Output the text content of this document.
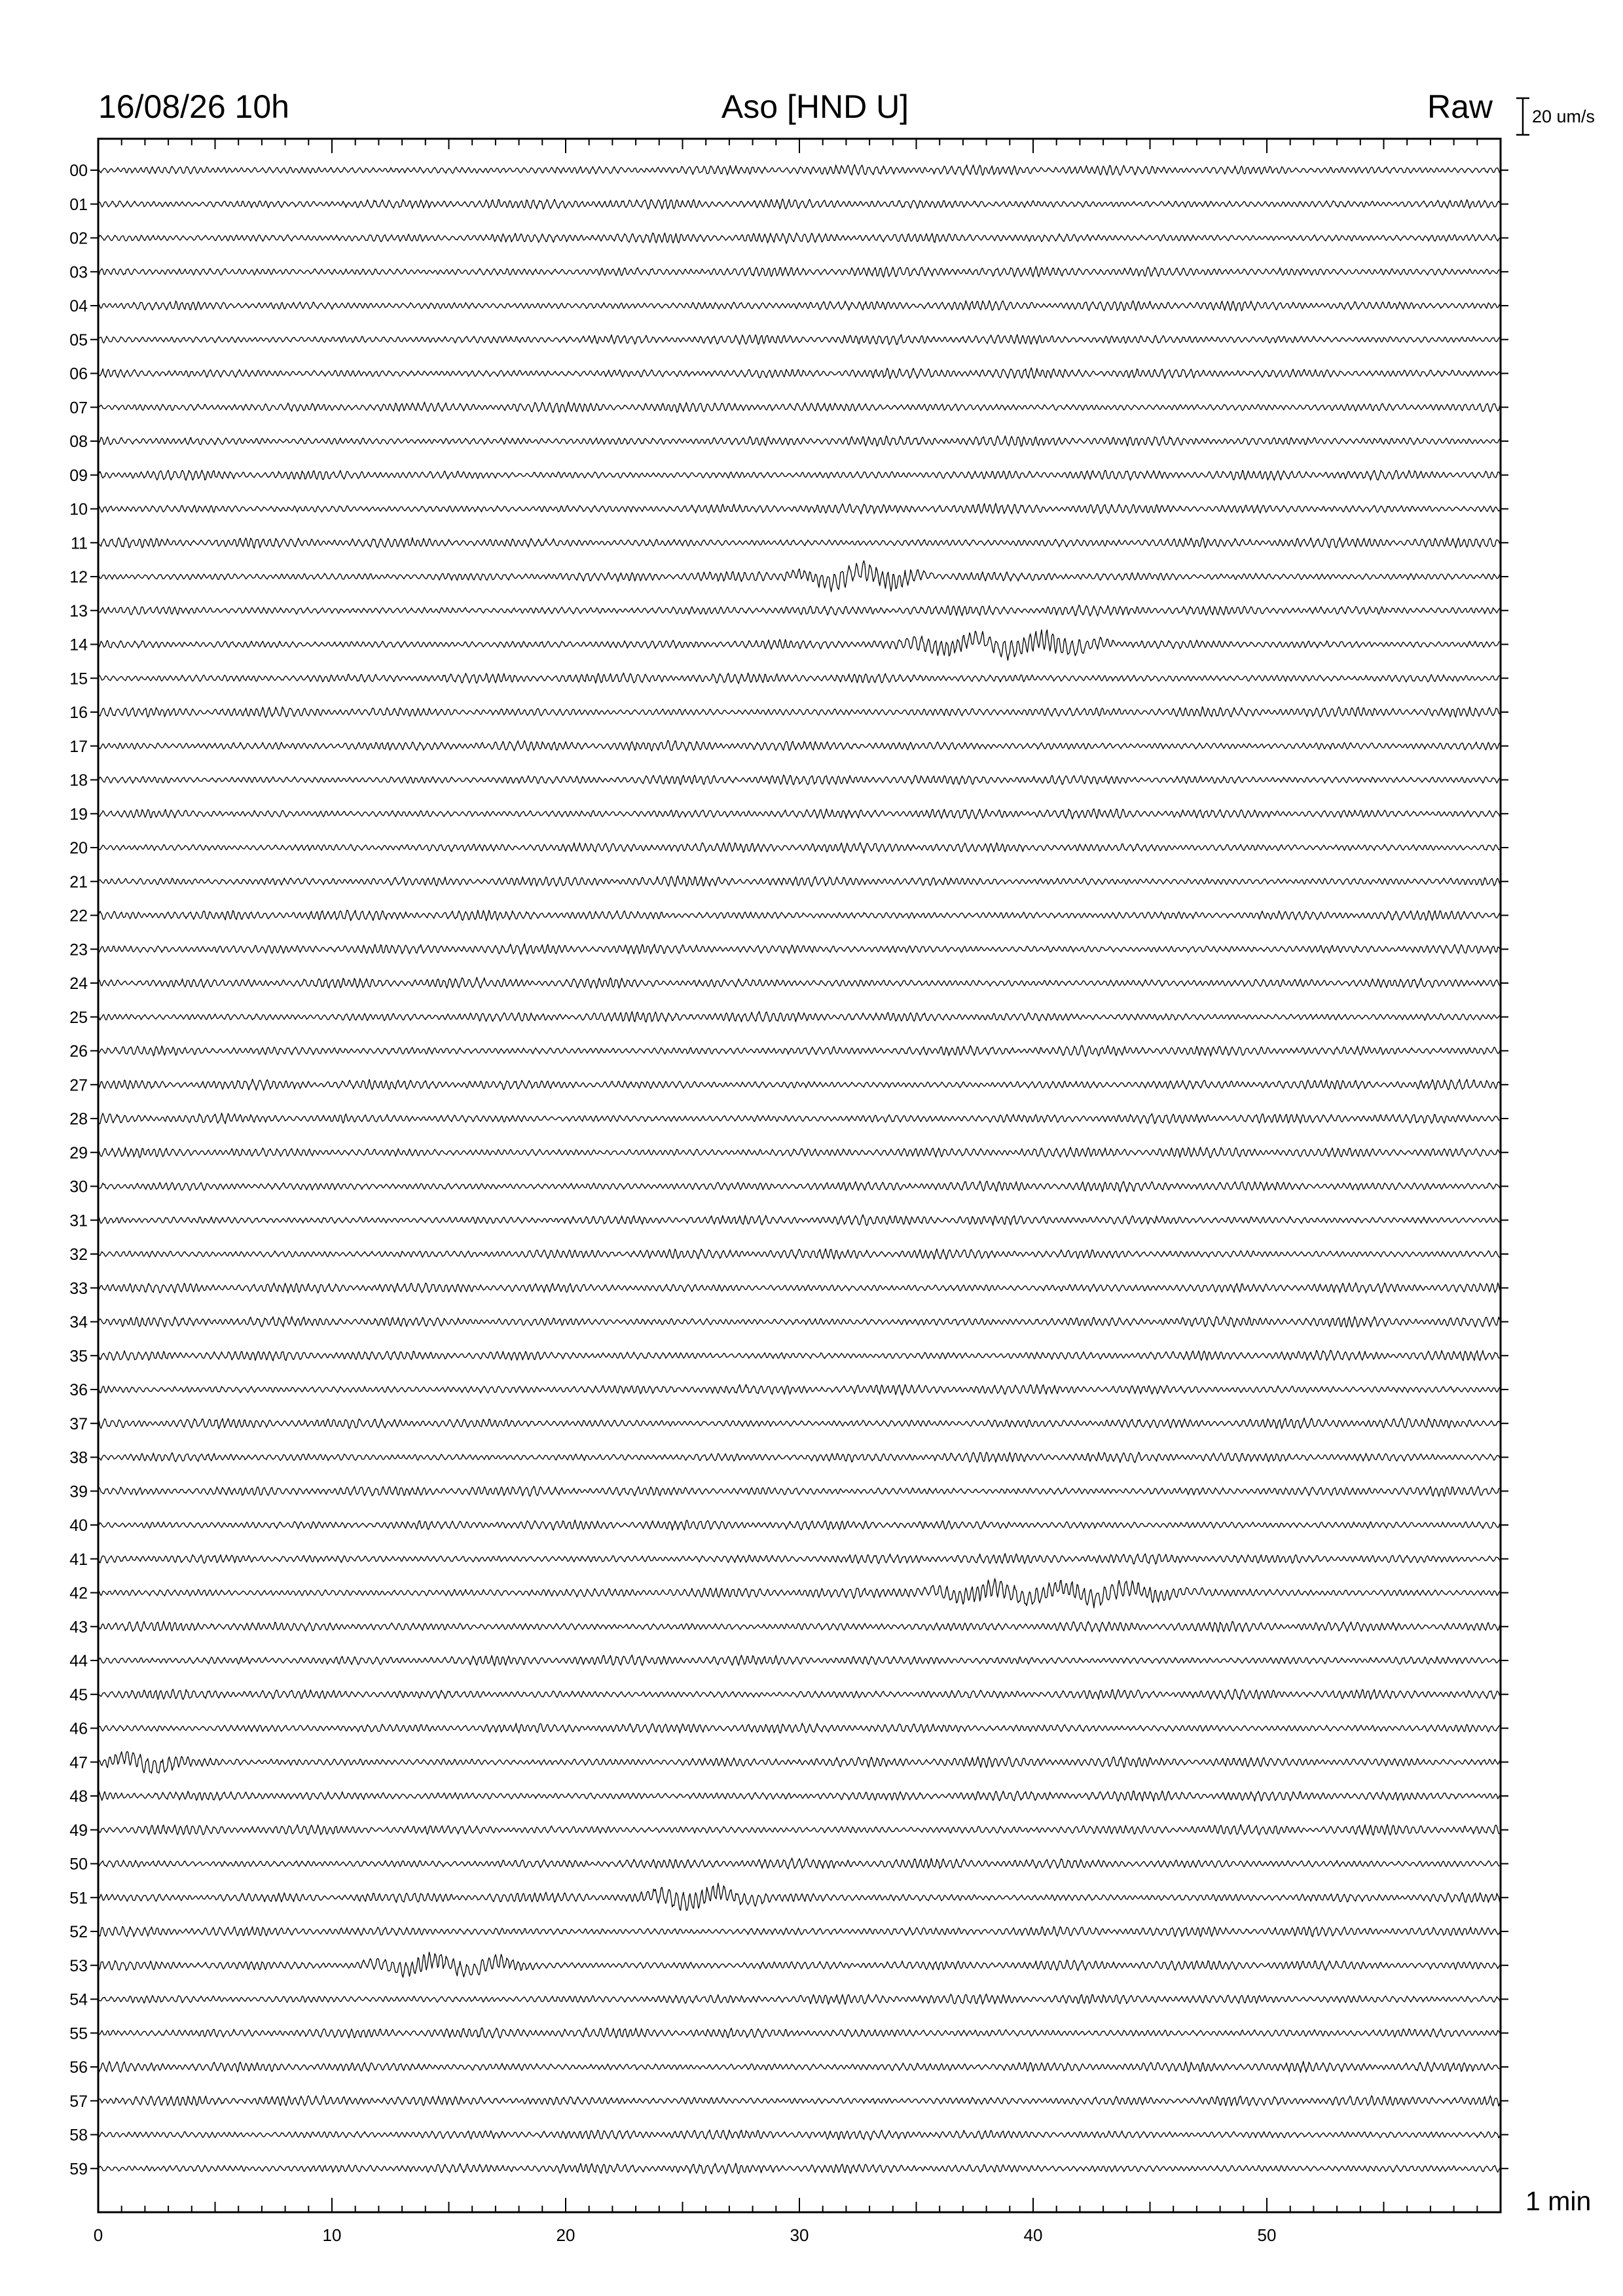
16/08/26 10h	Aso [HND U]	Raw 20 um/s
1 min
0	10	20	30	40	50
00
01
02
03
04
05
06
07
08
09
10
11
12
13
14
15
16
17
18
19
20
21
22
23
24
25
26
27
28
29
30
31
32
33
34
35
36
37
38
39
40
41
42
43
44
45
46
47
48
49
50
51
52
53
54
55
56
57
58
59
